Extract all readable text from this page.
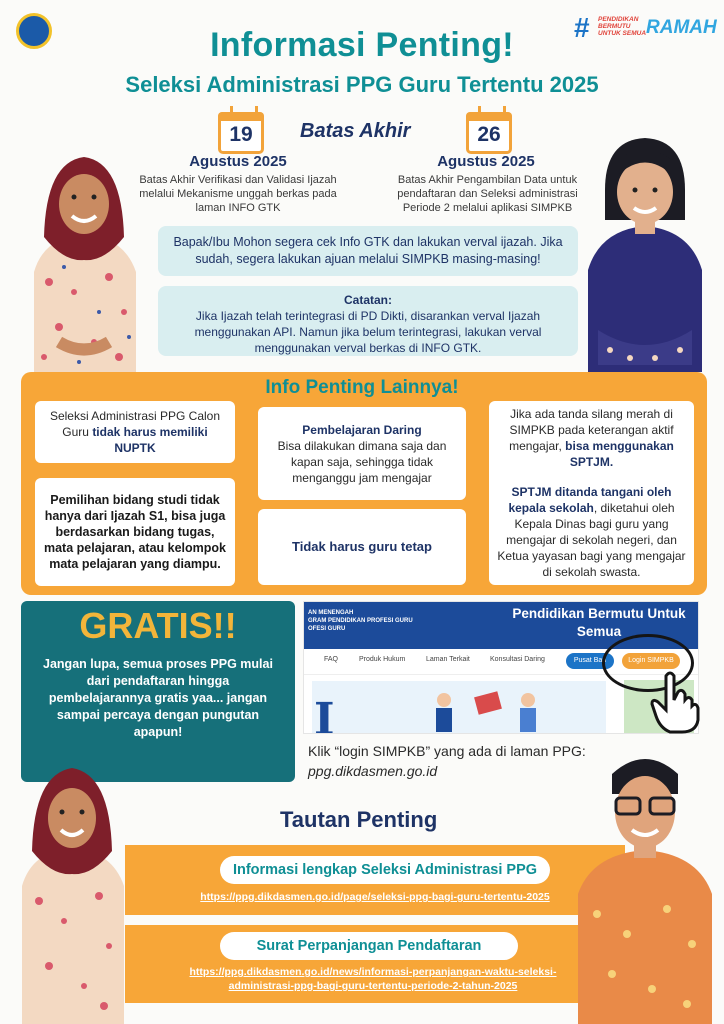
# PENDIDIKAN BERMUTU UNTUK SEMUA RAMAH
Informasi Penting!
Seleksi Administrasi PPG Guru Tertentu 2025
19	26
Batas Akhir
Agustus 2025
Batas Akhir Verifikasi dan Validasi Ijazah melalui Mekanisme unggah berkas pada laman INFO GTK
Agustus 2025
Batas Akhir Pengambilan Data untuk pendaftaran dan Seleksi administrasi Periode 2 melalui aplikasi SIMPKB
Bapak/Ibu Mohon segera cek Info GTK dan lakukan verval ijazah. Jika sudah, segera lakukan ajuan melalui SIMPKB masing-masing!
Catatan:
Jika Ijazah telah terintegrasi di PD Dikti, disarankan verval Ijazah menggunakan API. Namun jika belum terintegrasi, lakukan verval menggunakan verval berkas di INFO GTK.
Info Penting Lainnya!
Seleksi Administrasi PPG Calon Guru tidak harus memiliki NUPTK
Pemilihan bidang studi tidak hanya dari Ijazah S1, bisa juga berdasarkan bidang tugas, mata pelajaran, atau kelompok mata pelajaran yang diampu.
Pembelajaran Daring
Bisa dilakukan dimana saja dan kapan saja, sehingga tidak menganggu jam mengajar
Tidak harus guru tetap
Jika ada tanda silang merah di SIMPKB pada keterangan aktif mengajar, bisa menggunakan SPTJM.
SPTJM ditanda tangani oleh kepala sekolah, diketahui oleh Kepala Dinas bagi guru yang mengajar di sekolah negeri, dan Ketua yayasan bagi yang mengajar di sekolah swasta.
GRATIS!!
Jangan lupa, semua proses PPG mulai dari pendaftaran hingga pembelajarannya gratis yaa... jangan sampai percaya dengan pungutan apapun!
AN MENENGAH
GRAM PENDIDIKAN PROFESI GURU
OFESI GURU
Pendidikan Bermutu Untuk Semua
FAQ	Produk Hukum	Laman Terkait	Konsultasi Daring	Pusat Ban	Login SIMPKB
I
Klik “login SIMPKB” yang ada di laman PPG: ppg.dikdasmen.go.id
Tautan Penting
Informasi lengkap Seleksi Administrasi PPG
https://ppg.dikdasmen.go.id/page/seleksi-ppg-bagi-guru-tertentu-2025
Surat Perpanjangan Pendaftaran
https://ppg.dikdasmen.go.id/news/informasi-perpanjangan-waktu-seleksi-administrasi-ppg-bagi-guru-tertentu-periode-2-tahun-2025
